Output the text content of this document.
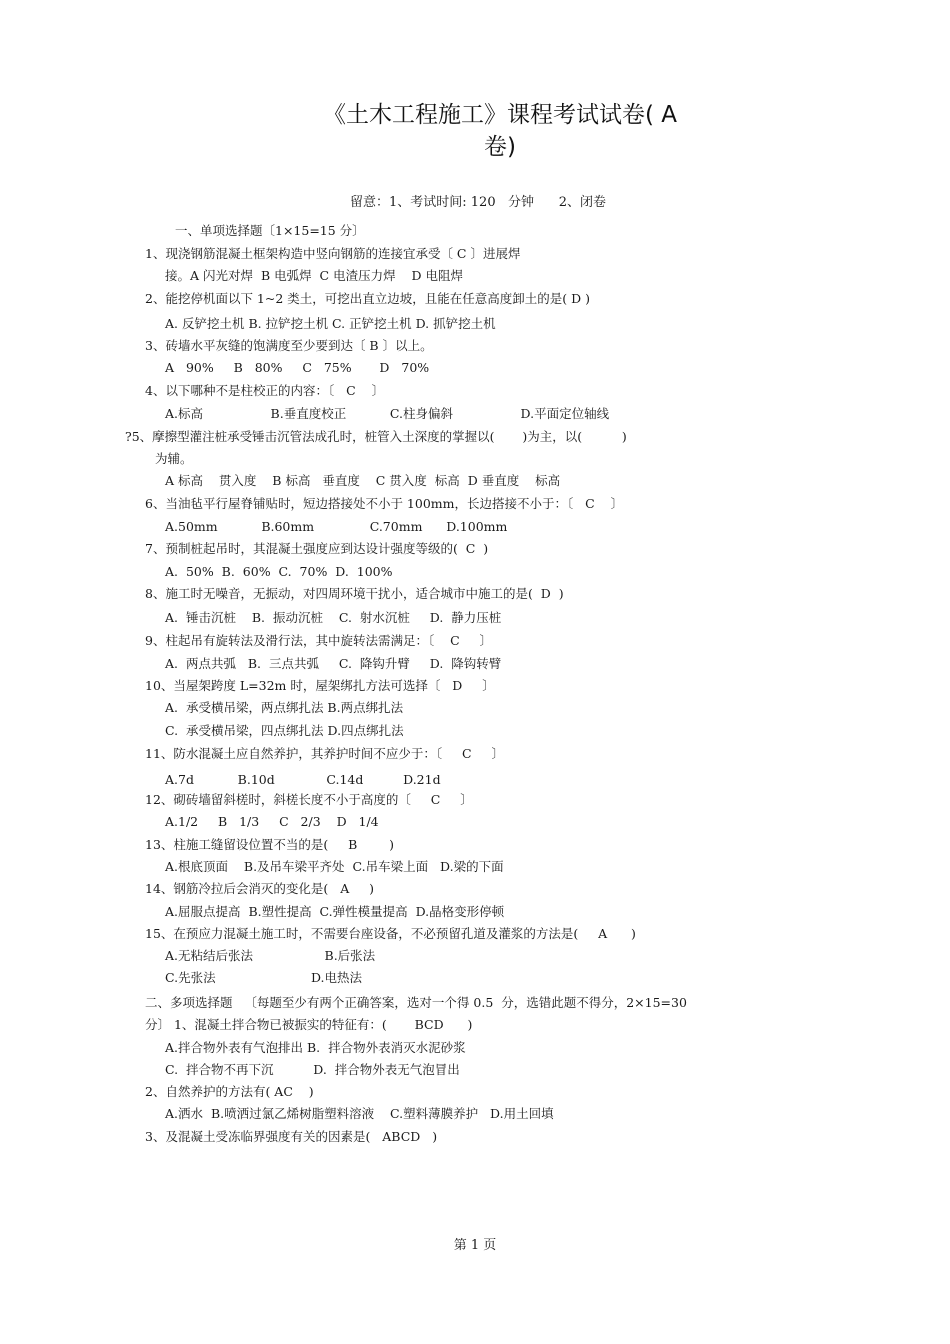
《土木工程施工》课程考试试卷( A
卷)
留意：1、考试时间: 120   分钟      2、闭卷
一、单项选择题〔1×15=15 分〕
1、现浇钢筋混凝土框架构造中竖向钢筋的连接宜承受〔 C 〕进展焊
接。A 闪光对焊  B 电弧焊  C 电渣压力焊    D 电阻焊
2、能挖停机面以下 1~2 类土，可挖出直立边坡，且能在任意高度卸土的是( D )
A. 反铲挖土机 B. 拉铲挖土机 C. 正铲挖土机 D. 抓铲挖土机
3、砖墙水平灰缝的饱满度至少要到达〔 B 〕以上。
A   90%     B   80%     C   75%       D   70%
4、以下哪种不是柱校正的内容：〔   C    〕
A.标高                 B.垂直度校正           C.柱身偏斜                 D.平面定位轴线
?5、摩擦型灌注桩承受锤击沉管法成孔时，桩管入土深度的掌握以(       )为主，以(          )
为辅。
A 标高    贯入度    B 标高   垂直度    C 贯入度  标高  D 垂直度    标高
6、当油毡平行屋脊铺贴时，短边搭接处不小于 100mm，长边搭接不小于：〔   C    〕
A.50mm           B.60mm              C.70mm      D.100mm
7、预制桩起吊时，其混凝土强度应到达设计强度等级的(  C  )
A.  50%  B.  60%  C.  70%  D.  100%
8、施工时无噪音，无振动，对四周环境干扰小，适合城市中施工的是(  D  )
A.  锤击沉桩    B.  振动沉桩    C.  射水沉桩     D.  静力压桩
9、柱起吊有旋转法及滑行法，其中旋转法需满足：〔    C     〕
A.  两点共弧   B.  三点共弧     C.  降钩升臂     D.  降钩转臂
10、当屋架跨度 L=32m 时，屋架绑扎方法可选择〔   D     〕
A.  承受横吊梁，两点绑扎法 B.两点绑扎法
C.  承受横吊梁，四点绑扎法 D.四点绑扎法
11、防水混凝土应自然养护，其养护时间不应少于：〔     C     〕
A.7d           B.10d             C.14d          D.21d
12、砌砖墙留斜槎时，斜槎长度不小于高度的〔     C     〕
A.1/2     B   1/3     C   2/3    D   1/4
13、柱施工缝留设位置不当的是(     B        )
A.根底顶面    B.及吊车梁平齐处  C.吊车梁上面   D.梁的下面
14、钢筋冷拉后会消灭的变化是(   A     )
A.屈服点提高  B.塑性提高  C.弹性模量提高  D.晶格变形停顿
15、在预应力混凝土施工时，不需要台座设备，不必预留孔道及灌浆的方法是(     A      )
A.无粘结后张法                  B.后张法
C.先张法                        D.电热法
二、多项选择题   〔每题至少有两个正确答案，选对一个得 0.5  分，选错此题不得分，2×15=30
分〕 1、混凝土拌合物已被振实的特征有：(       BCD      )
A.拌合物外表有气泡排出 B.  拌合物外表消灭水泥砂浆
C.  拌合物不再下沉          D.  拌合物外表无气泡冒出
2、自然养护的方法有( AC    )
A.洒水  B.喷洒过氯乙烯树脂塑料溶液    C.塑料薄膜养护   D.用土回填
3、及混凝土受冻临界强度有关的因素是(   ABCD   )
第 1 页
